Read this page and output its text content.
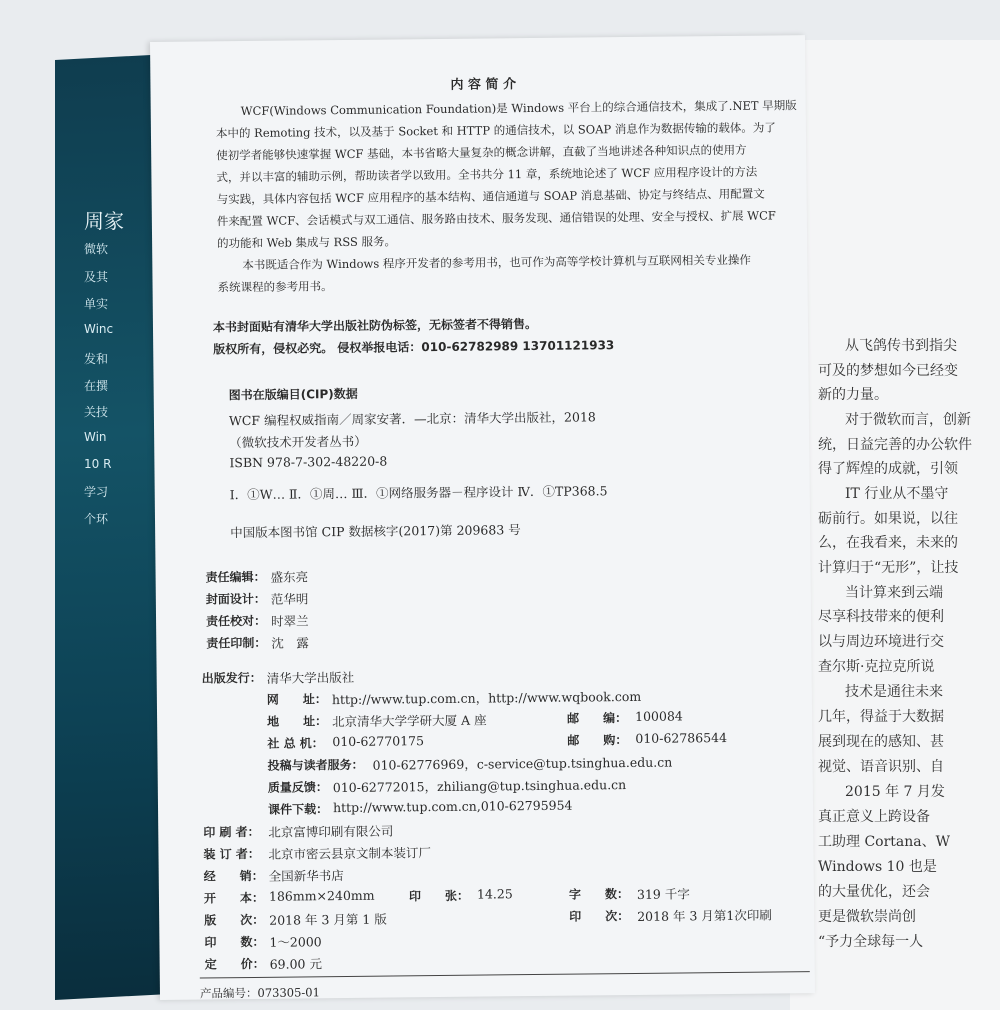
周家
微软
及其
单实
Winc
发和
在撰
关技
Win
10 R
学习
个环
从飞鸽传书到指尖
可及的梦想如今已经变
新的力量。
对于微软而言，创新
统，日益完善的办公软件
得了辉煌的成就，引领
IT 行业从不墨守
砺前行。如果说，以往
么，在我看来，未来的
计算归于“无形”，让技
当计算来到云端
尽享科技带来的便利
以与周边环境进行交
查尔斯·克拉克所说
技术是通往未来
几年，得益于大数据
展到现在的感知、甚
视觉、语音识别、自
2015 年 7 月发
真正意义上跨设备
工助理 Cortana、W
Windows 10 也是
的大量优化，还会
更是微软崇尚创
“予力全球每一人
内 容 简 介
WCF(Windows Communication Foundation)是 Windows 平台上的综合通信技术，集成了.NET 早期版
本中的 Remoting 技术，以及基于 Socket 和 HTTP 的通信技术，以 SOAP 消息作为数据传输的载体。为了
使初学者能够快速掌握 WCF 基础，本书省略大量复杂的概念讲解，直截了当地讲述各种知识点的使用方
式，并以丰富的辅助示例，帮助读者学以致用。全书共分 11 章，系统地论述了 WCF 应用程序设计的方法
与实践，具体内容包括 WCF 应用程序的基本结构、通信通道与 SOAP 消息基础、协定与终结点、用配置文
件来配置 WCF、会话模式与双工通信、服务路由技术、服务发现、通信错误的处理、安全与授权、扩展 WCF
的功能和 Web 集成与 RSS 服务。
本书既适合作为 Windows 程序开发者的参考用书，也可作为高等学校计算机与互联网相关专业操作
系统课程的参考用书。
本书封面贴有清华大学出版社防伪标签，无标签者不得销售。
版权所有，侵权必究。 侵权举报电话：010-62782989 13701121933
图书在版编目(CIP)数据
WCF 编程权威指南／周家安著．—北京：清华大学出版社，2018
（微软技术开发者丛书）
ISBN 978-7-302-48220-8
Ⅰ．①W… Ⅱ．①周… Ⅲ．①网络服务器－程序设计 Ⅳ．①TP368.5
中国版本图书馆 CIP 数据核字(2017)第 209683 号
责任编辑： 盛东亮
封面设计： 范华明
责任校对： 时翠兰
责任印制： 沈　露
出版发行： 清华大学出版社
网　　址： http://www.tup.com.cn，http://www.wqbook.com
地　　址： 北京清华大学学研大厦 A 座	邮　　编： 100084
社 总 机： 010-62770175	邮　　购： 010-62786544
投稿与读者服务： 010-62776969，c-service@tup.tsinghua.edu.cn
质量反馈： 010-62772015，zhiliang@tup.tsinghua.edu.cn
课件下载： http://www.tup.com.cn,010-62795954
印 刷 者： 北京富博印刷有限公司
装 订 者： 北京市密云县京文制本装订厂
经　　销： 全国新华书店
开　　本： 186mm×240mm	印　　张： 14.25	字　　数： 319 千字
版　　次： 2018 年 3 月第 1 版	印　　次： 2018 年 3 月第1次印刷
印　　数： 1～2000
定　　价： 69.00 元
产品编号：073305-01
